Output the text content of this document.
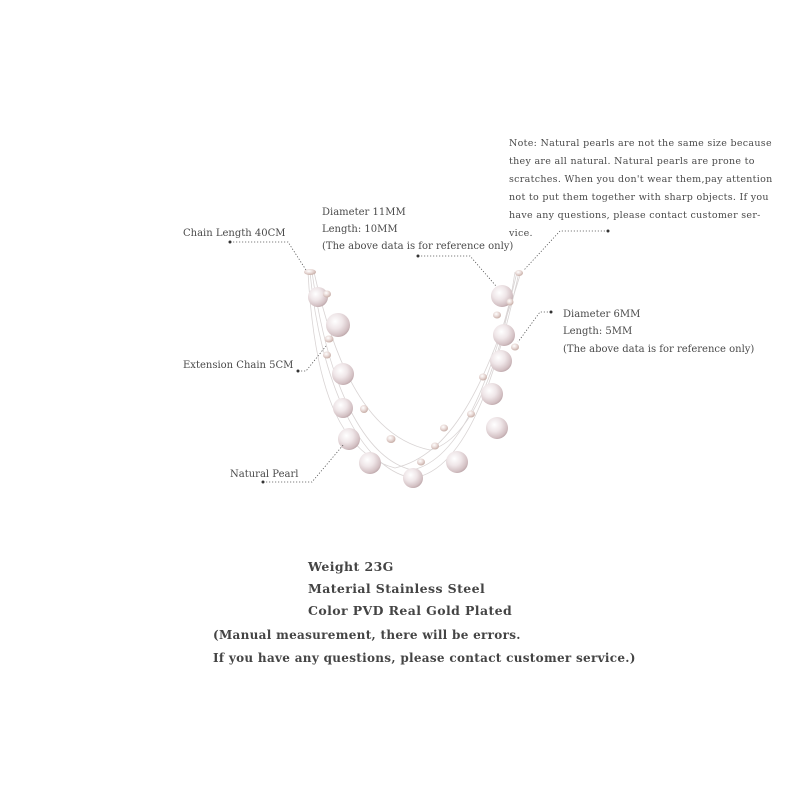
Note: Natural pearls are not the same size because
they are all natural. Natural pearls are prone to
scratches. When you don't wear them,pay attention
not to put them together with sharp objects. If you
have any questions, please contact customer ser-
vice.
Diameter 11MM
Length: 10MM
(The above data is for reference only)
Chain Length 40CM
Diameter 6MM
Length: 5MM
(The above data is for reference only)
Extension Chain 5CM
Natural Pearl
Weight 23G
Material Stainless Steel
Color PVD Real Gold Plated
(Manual measurement, there will be errors.
If you have any questions, please contact customer service.)
